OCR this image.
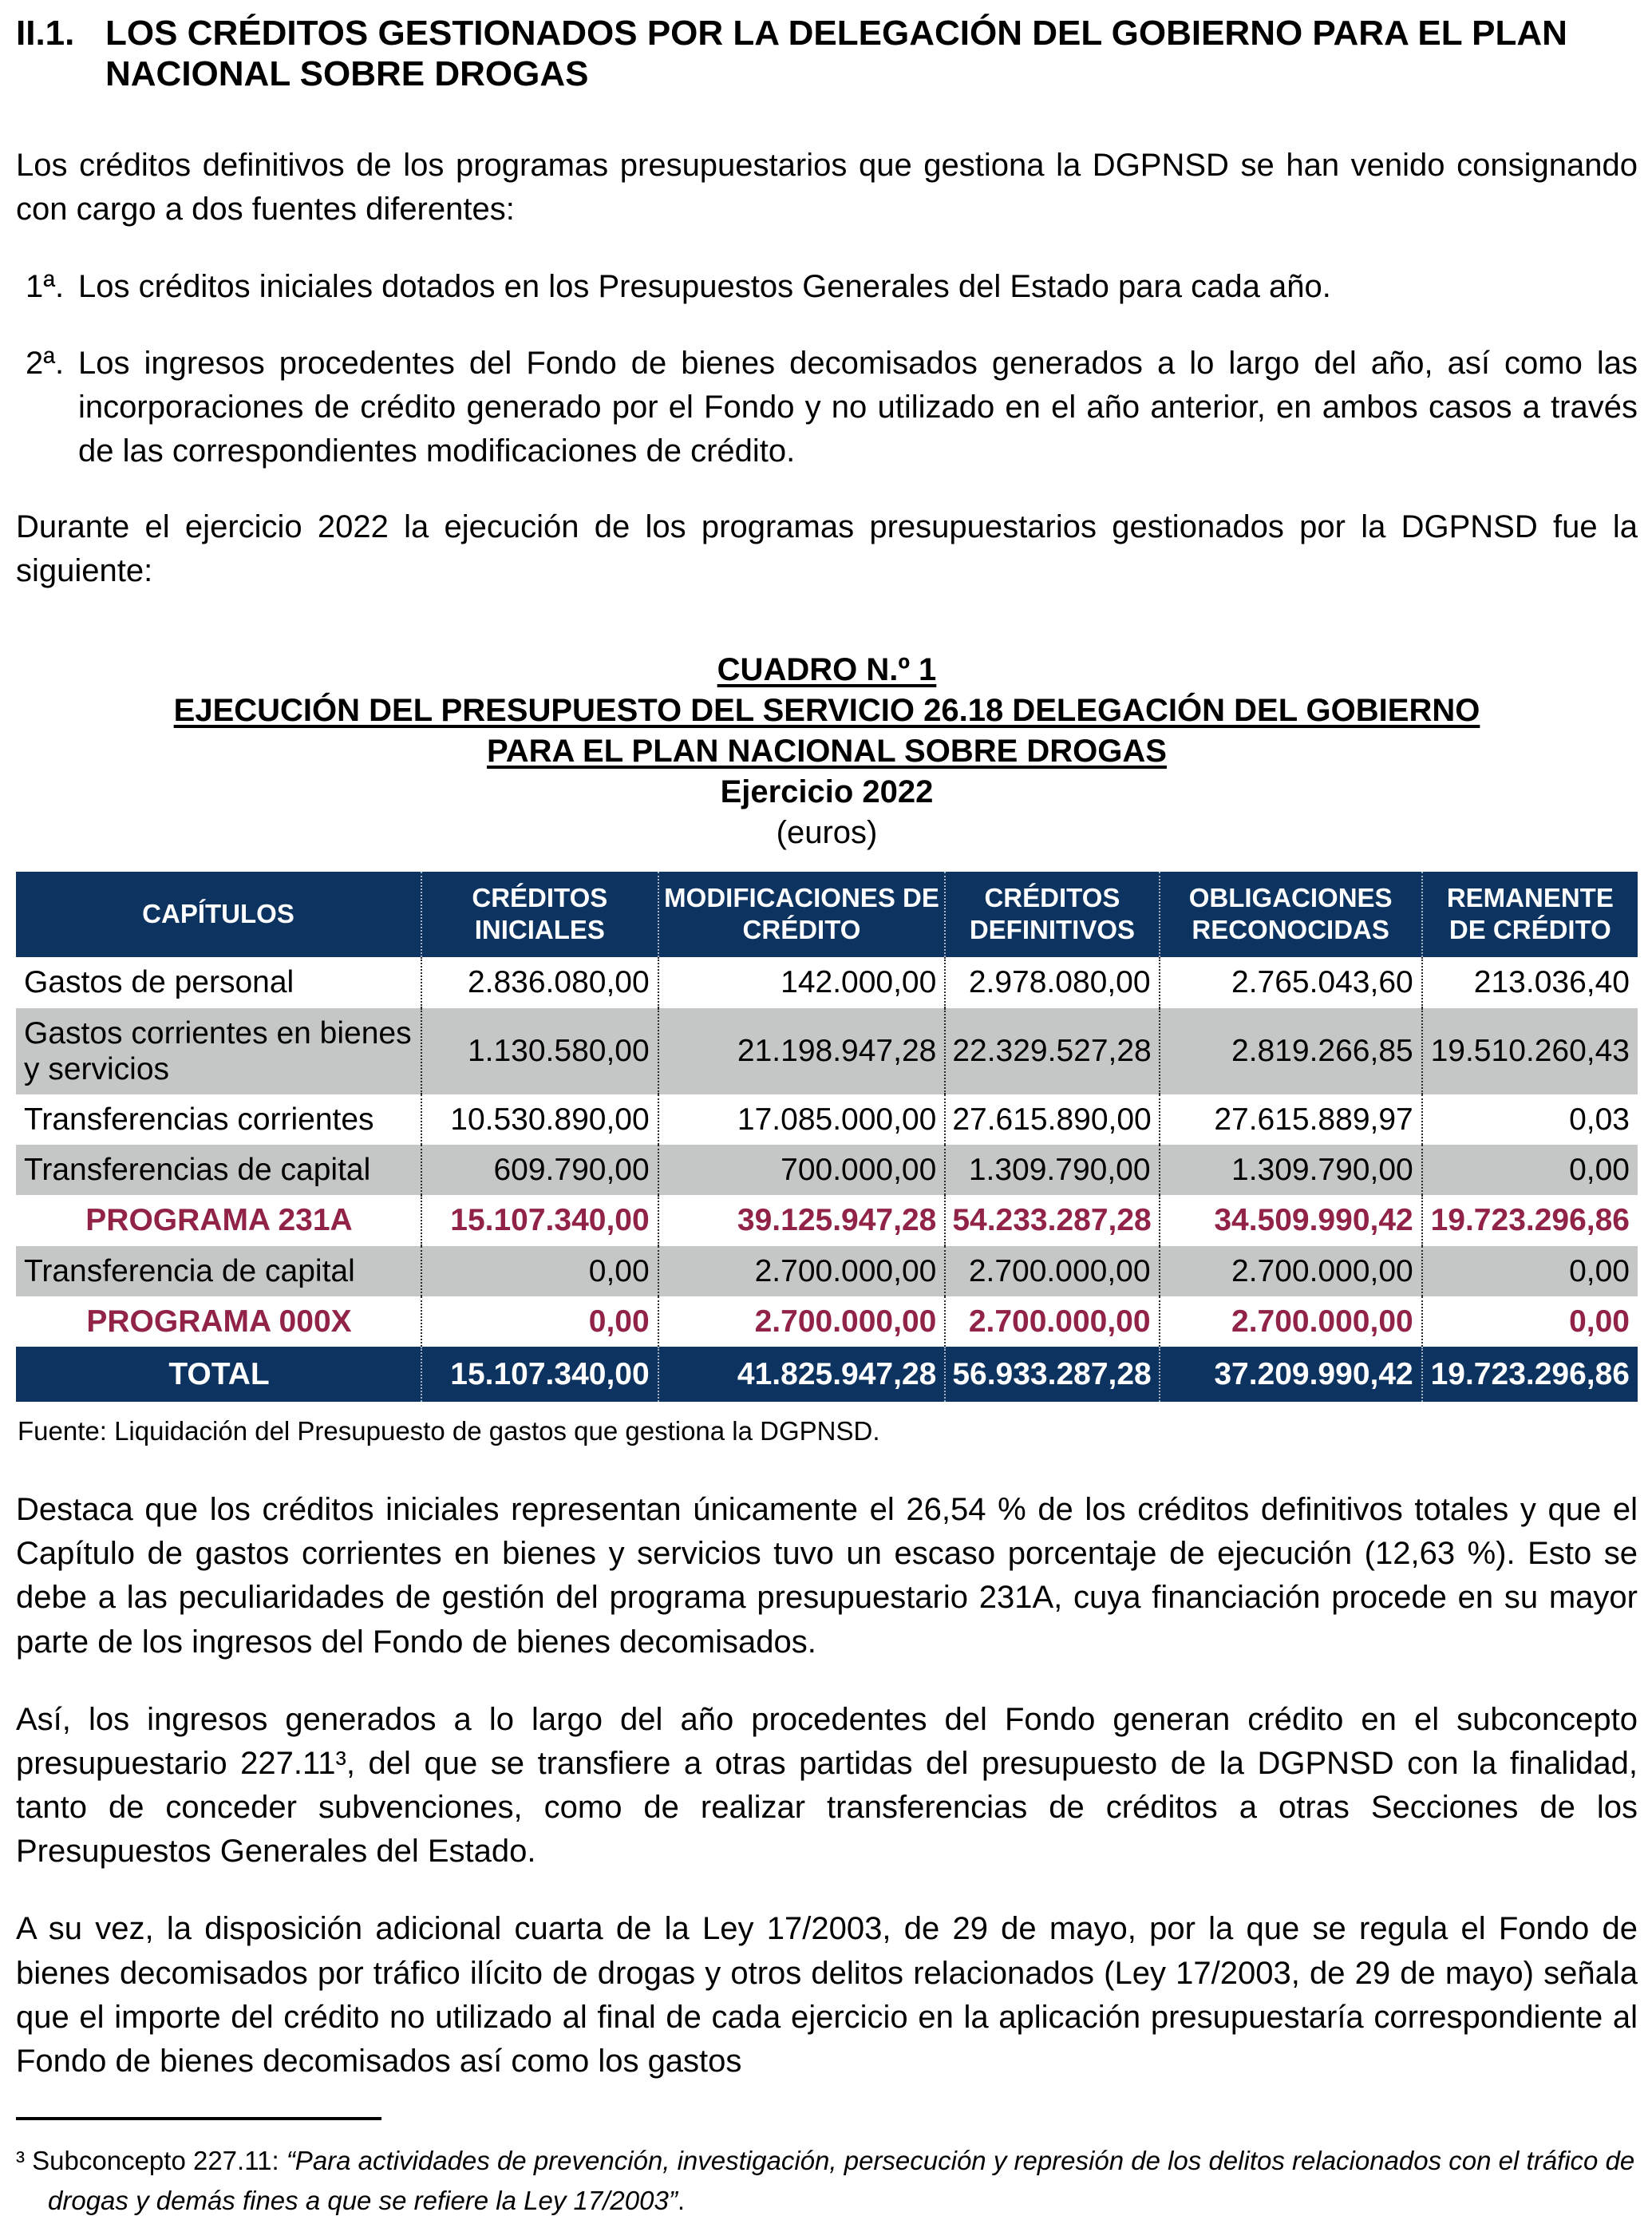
II.1. LOS CRÉDITOS GESTIONADOS POR LA DELEGACIÓN DEL GOBIERNO PARA EL PLAN NACIONAL SOBRE DROGAS

Los créditos definitivos de los programas presupuestarios que gestiona la DGPNSD se han venido consignando con cargo a dos fuentes diferentes:

1ª. Los créditos iniciales dotados en los Presupuestos Generales del Estado para cada año.
2ª. Los ingresos procedentes del Fondo de bienes decomisados generados a lo largo del año, así como las incorporaciones de crédito generado por el Fondo y no utilizado en el año anterior, en ambos casos a través de las correspondientes modificaciones de crédito.

Durante el ejercicio 2022 la ejecución de los programas presupuestarios gestionados por la DGPNSD fue la siguiente:

CUADRO N.º 1
EJECUCIÓN DEL PRESUPUESTO DEL SERVICIO 26.18 DELEGACIÓN DEL GOBIERNO
PARA EL PLAN NACIONAL SOBRE DROGAS
Ejercicio 2022
(euros)
CAPÍTULOS	CRÉDITOS INICIALES	MODIFICACIONES DE CRÉDITO	CRÉDITOS DEFINITIVOS	OBLIGACIONES RECONOCIDAS	REMANENTE DE CRÉDITO
Gastos de personal	2.836.080,00	142.000,00	2.978.080,00	2.765.043,60	213.036,40
Gastos corrientes en bienes y servicios	1.130.580,00	21.198.947,28	22.329.527,28	2.819.266,85	19.510.260,43
Transferencias corrientes	10.530.890,00	17.085.000,00	27.615.890,00	27.615.889,97	0,03
Transferencias de capital	609.790,00	700.000,00	1.309.790,00	1.309.790,00	0,00
PROGRAMA 231A	15.107.340,00	39.125.947,28	54.233.287,28	34.509.990,42	19.723.296,86
Transferencia de capital	0,00	2.700.000,00	2.700.000,00	2.700.000,00	0,00
PROGRAMA 000X	0,00	2.700.000,00	2.700.000,00	2.700.000,00	0,00
TOTAL	15.107.340,00	41.825.947,28	56.933.287,28	37.209.990,42	19.723.296,86

Fuente: Liquidación del Presupuesto de gastos que gestiona la DGPNSD.

Destaca que los créditos iniciales representan únicamente el 26,54 % de los créditos definitivos totales y que el Capítulo de gastos corrientes en bienes y servicios tuvo un escaso porcentaje de ejecución (12,63 %). Esto se debe a las peculiaridades de gestión del programa presupuestario 231A, cuya financiación procede en su mayor parte de los ingresos del Fondo de bienes decomisados.

Así, los ingresos generados a lo largo del año procedentes del Fondo generan crédito en el subconcepto presupuestario 227.11³, del que se transfiere a otras partidas del presupuesto de la DGPNSD con la finalidad, tanto de conceder subvenciones, como de realizar transferencias de créditos a otras Secciones de los Presupuestos Generales del Estado.

A su vez, la disposición adicional cuarta de la Ley 17/2003, de 29 de mayo, por la que se regula el Fondo de bienes decomisados por tráfico ilícito de drogas y otros delitos relacionados (Ley 17/2003, de 29 de mayo) señala que el importe del crédito no utilizado al final de cada ejercicio en la aplicación presupuestaría correspondiente al Fondo de bienes decomisados así como los gastos

³ Subconcepto 227.11: “Para actividades de prevención, investigación, persecución y represión de los delitos relacionados con el tráfico de drogas y demás fines a que se refiere la Ley 17/2003”.
